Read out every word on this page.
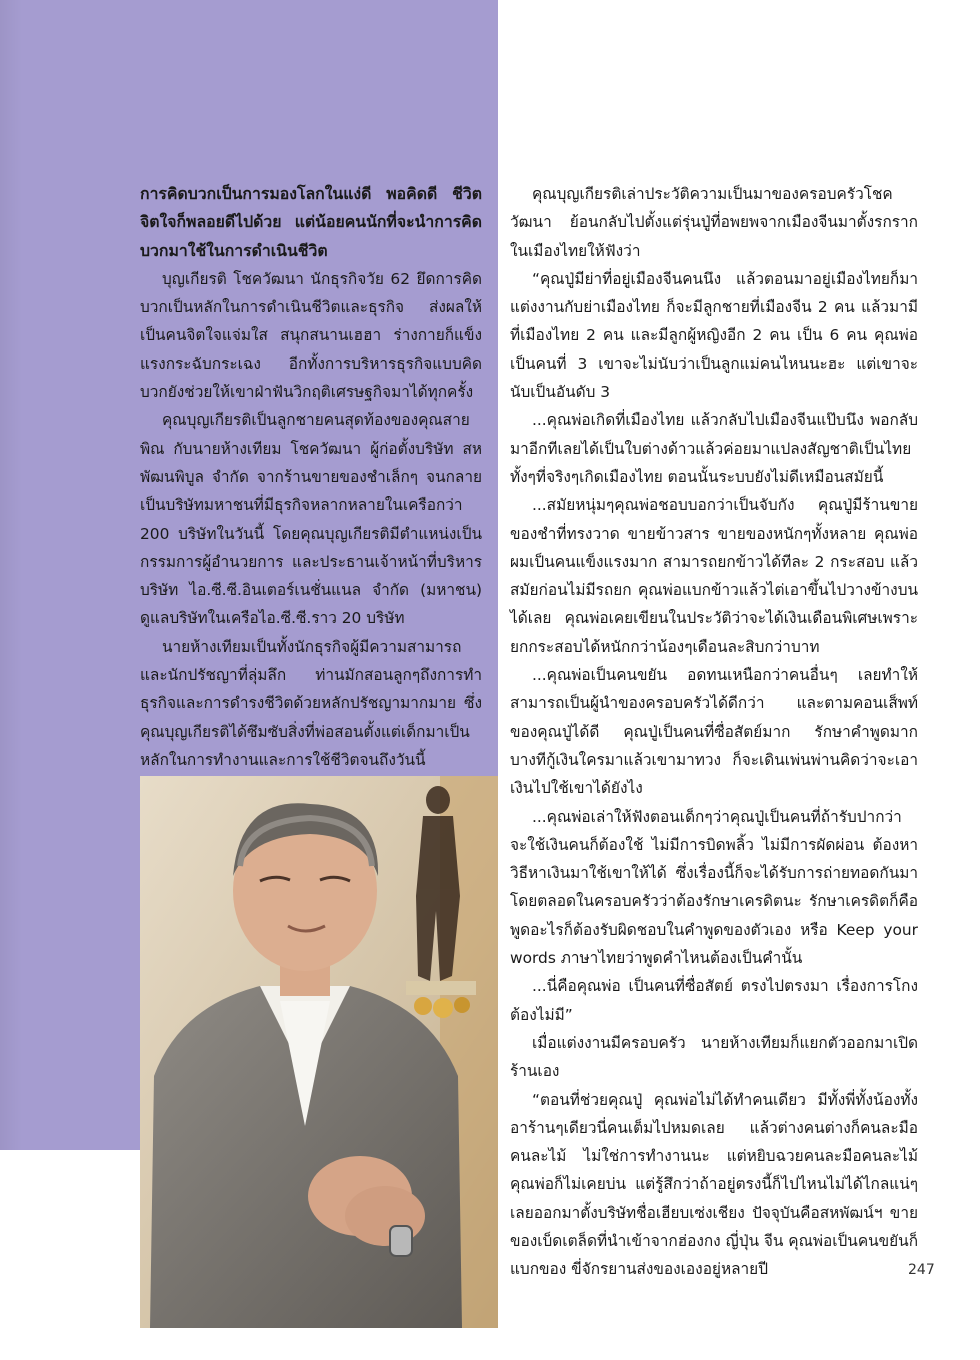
การคิดบวกเป็นการมองโลกในแง่ดี พอคิดดี ชีวิตจิตใจก็พลอยดีไปด้วย แต่น้อยคนนักที่จะนำการคิดบวกมาใช้ในการดำเนินชีวิต

บุญเกียรติ โชควัฒนา นักธุรกิจวัย 62 ยึดการคิดบวกเป็นหลักในการดำเนินชีวิตและธุรกิจ ส่งผลให้เป็นคนจิตใจแจ่มใส สนุกสนานเฮฮา ร่างกายก็แข็งแรงกระฉับกระเฉง อีกทั้งการบริหารธุรกิจแบบคิดบวกยังช่วยให้เขาฝ่าฟันวิกฤติเศรษฐกิจมาได้ทุกครั้ง

คุณบุญเกียรติเป็นลูกชายคนสุดท้องของคุณสายพิณ กับนายห้างเทียม โชควัฒนา ผู้ก่อตั้งบริษัท สหพัฒนพิบูล จำกัด จากร้านขายของชำเล็กๆ จนกลายเป็นบริษัทมหาชนที่มีธุรกิจหลากหลายในเครือกว่า 200 บริษัทในวันนี้ โดยคุณบุญเกียรติมีตำแหน่งเป็นกรรมการผู้อำนวยการ และประธานเจ้าหน้าที่บริหาร บริษัท ไอ.ซี.ซี.อินเตอร์เนชั่นแนล จำกัด (มหาชน) ดูแลบริษัทในเครือไอ.ซี.ซี.ราว 20 บริษัท

นายห้างเทียมเป็นทั้งนักธุรกิจผู้มีความสามารถ และนักปรัชญาที่ลุ่มลึก ท่านมักสอนลูกๆถึงการทำธุรกิจและการดำรงชีวิตด้วยหลักปรัชญามากมาย ซึ่งคุณบุญเกียรติได้ซึมซับสิ่งที่พ่อสอนตั้งแต่เด็กมาเป็นหลักในการทำงานและการใช้ชีวิตจนถึงวันนี้

คุณบุญเกียรติเล่าประวัติความเป็นมาของครอบครัวโชควัฒนา ย้อนกลับไปตั้งแต่รุ่นปู่ที่อพยพจากเมืองจีนมาตั้งรกรากในเมืองไทยให้ฟังว่า

“คุณปู่มีย่าที่อยู่เมืองจีนคนนึง แล้วตอนมาอยู่เมืองไทยก็มาแต่งงานกับย่าเมืองไทย ก็จะมีลูกชายที่เมืองจีน 2 คน แล้วมามีที่เมืองไทย 2 คน และมีลูกผู้หญิงอีก 2 คน เป็น 6 คน คุณพ่อเป็นคนที่ 3 เขาจะไม่นับว่าเป็นลูกแม่คนไหนนะฮะ แต่เขาจะนับเป็นอันดับ 3

...คุณพ่อเกิดที่เมืองไทย แล้วกลับไปเมืองจีนแป๊บนึง พอกลับมาอีกทีเลยได้เป็นใบต่างด้าวแล้วค่อยมาแปลงสัญชาติเป็นไทยทั้งๆที่จริงๆเกิดเมืองไทย ตอนนั้นระบบยังไม่ดีเหมือนสมัยนี้

...สมัยหนุ่มๆคุณพ่อชอบบอกว่าเป็นจับกัง คุณปู่มีร้านขายของชำที่ทรงวาด ขายข้าวสาร ขายของหนักๆทั้งหลาย คุณพ่อผมเป็นคนแข็งแรงมาก สามารถยกข้าวได้ทีละ 2 กระสอบ แล้วสมัยก่อนไม่มีรถยก คุณพ่อแบกข้าวแล้วไต่เอาขึ้นไปวางข้างบนได้เลย คุณพ่อเคยเขียนในประวัติว่าจะได้เงินเดือนพิเศษเพราะยกกระสอบได้หนักกว่าน้องๆเดือนละสิบกว่าบาท

...คุณพ่อเป็นคนขยัน อดทนเหนือกว่าคนอื่นๆ เลยทำให้สามารถเป็นผู้นำของครอบครัวได้ดีกว่า และตามคอนเส็พท์ของคุณปู่ได้ดี คุณปู่เป็นคนที่ซื่อสัตย์มาก รักษาคำพูดมาก บางทีกู้เงินใครมาแล้วเขามาทวง ก็จะเดินเพ่นพ่านคิดว่าจะเอาเงินไปใช้เขาได้ยังไง

...คุณพ่อเล่าให้ฟังตอนเด็กๆว่าคุณปู่เป็นคนที่ถ้ารับปากว่าจะใช้เงินคนก็ต้องใช้ ไม่มีการบิดพลิ้ว ไม่มีการผัดผ่อน ต้องหาวิธีหาเงินมาใช้เขาให้ได้ ซึ่งเรื่องนี้ก็จะได้รับการถ่ายทอดกันมาโดยตลอดในครอบครัวว่าต้องรักษาเครดิตนะ รักษาเครดิตก็คือพูดอะไรก็ต้องรับผิดชอบในคำพูดของตัวเอง หรือ Keep your words ภาษาไทยว่าพูดคำไหนต้องเป็นคำนั้น

...นี่คือคุณพ่อ เป็นคนที่ซื่อสัตย์ ตรงไปตรงมา เรื่องการโกงต้องไม่มี”

เมื่อแต่งงานมีครอบครัว นายห้างเทียมก็แยกตัวออกมาเปิดร้านเอง

“ตอนที่ช่วยคุณปู่ คุณพ่อไม่ได้ทำคนเดียว มีทั้งพี่ทั้งน้องทั้งอาร้านๆเดียวนี่คนเต็มไปหมดเลย แล้วต่างคนต่างก็คนละมือคนละไม้ ไม่ใช่การทำงานนะ แต่หยิบฉวยคนละมือคนละไม้ คุณพ่อก็ไม่เคยบ่น แต่รู้สึกว่าถ้าอยู่ตรงนี้ก็ไปไหนไม่ได้ไกลแน่ๆ เลยออกมาตั้งบริษัทชื่อเฮียบเซ่งเชียง ปัจจุบันคือสหพัฒน์ฯ ขายของเบ็ดเตล็ดที่นำเข้าจากฮ่องกง ญี่ปุ่น จีน คุณพ่อเป็นคนขยันก็แบกของ ขี่จักรยานส่งของเองอยู่หลายปี	247
